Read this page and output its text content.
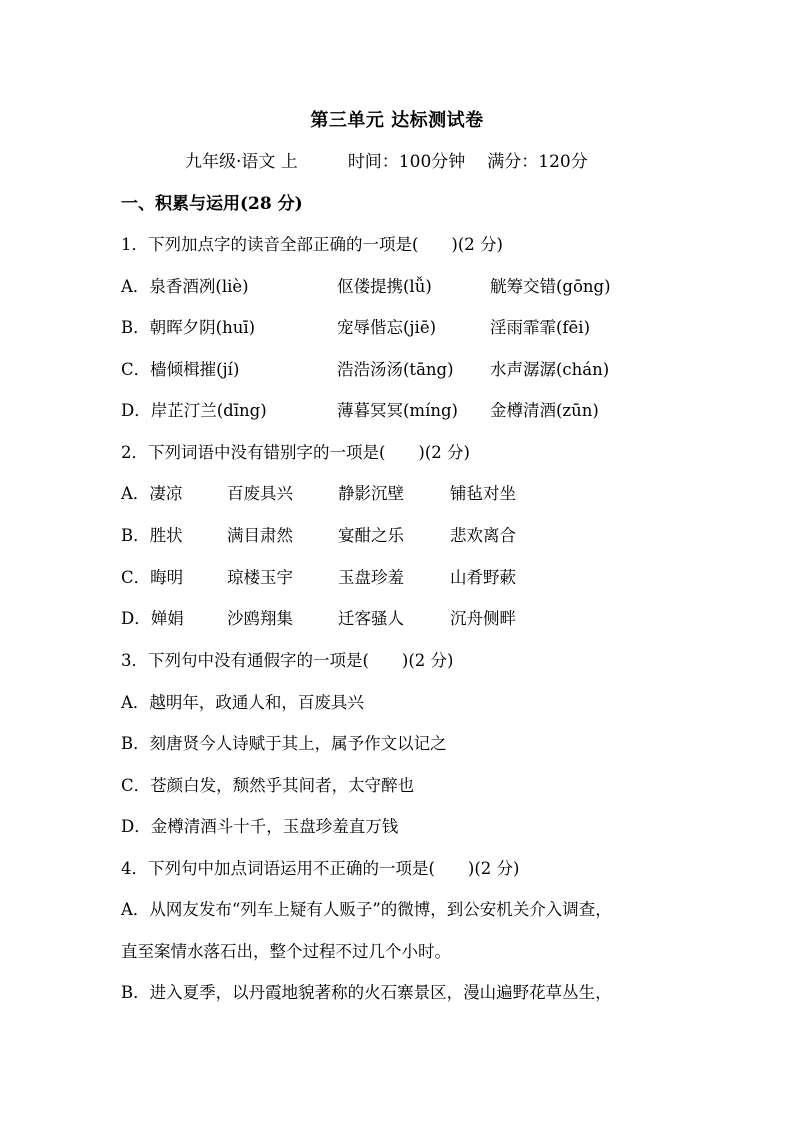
第三单元 达标测试卷
九年级·语文 上	时间：100分钟 满分：120分
一、积累与运用(28 分)
1．下列加点字的读音全部正确的一项是(　　)(2 分)
A．泉香酒冽(liè)	伛偻提携(lǚ)	觥筹交错(gōng)
B．朝晖夕阴(huī)	宠辱偕忘(jiē)	淫雨霏霏(fēi)
C．樯倾楫摧(jí)	浩浩汤汤(tāng) 水声潺潺(chán)
D．岸芷汀兰(dīng)	薄暮冥冥(míng) 金樽清酒(zūn)
2．下列词语中没有错别字的一项是(　　)(2 分)
A．凄凉	百废具兴	静影沉壁	铺毡对坐
B．胜状	满目肃然	宴酣之乐	悲欢离合
C．晦明	琼楼玉宇	玉盘珍羞	山肴野蔌
D．婵娟	沙鸥翔集	迁客骚人	沉舟侧畔
3．下列句中没有通假字的一项是(　　)(2 分)
A．越明年，政通人和，百废具兴
B．刻唐贤今人诗赋于其上，属予作文以记之
C．苍颜白发，颓然乎其间者，太守醉也
D．金樽清酒斗十千，玉盘珍羞直万钱
4．下列句中加点词语运用不正确的一项是(　　)(2 分)
A．从网友发布“列车上疑有人贩子”的微博，到公安机关介入调查，
直至案情水落石出，整个过程不过几个小时。
B．进入夏季，以丹霞地貌著称的火石寨景区，漫山遍野花草丛生，
